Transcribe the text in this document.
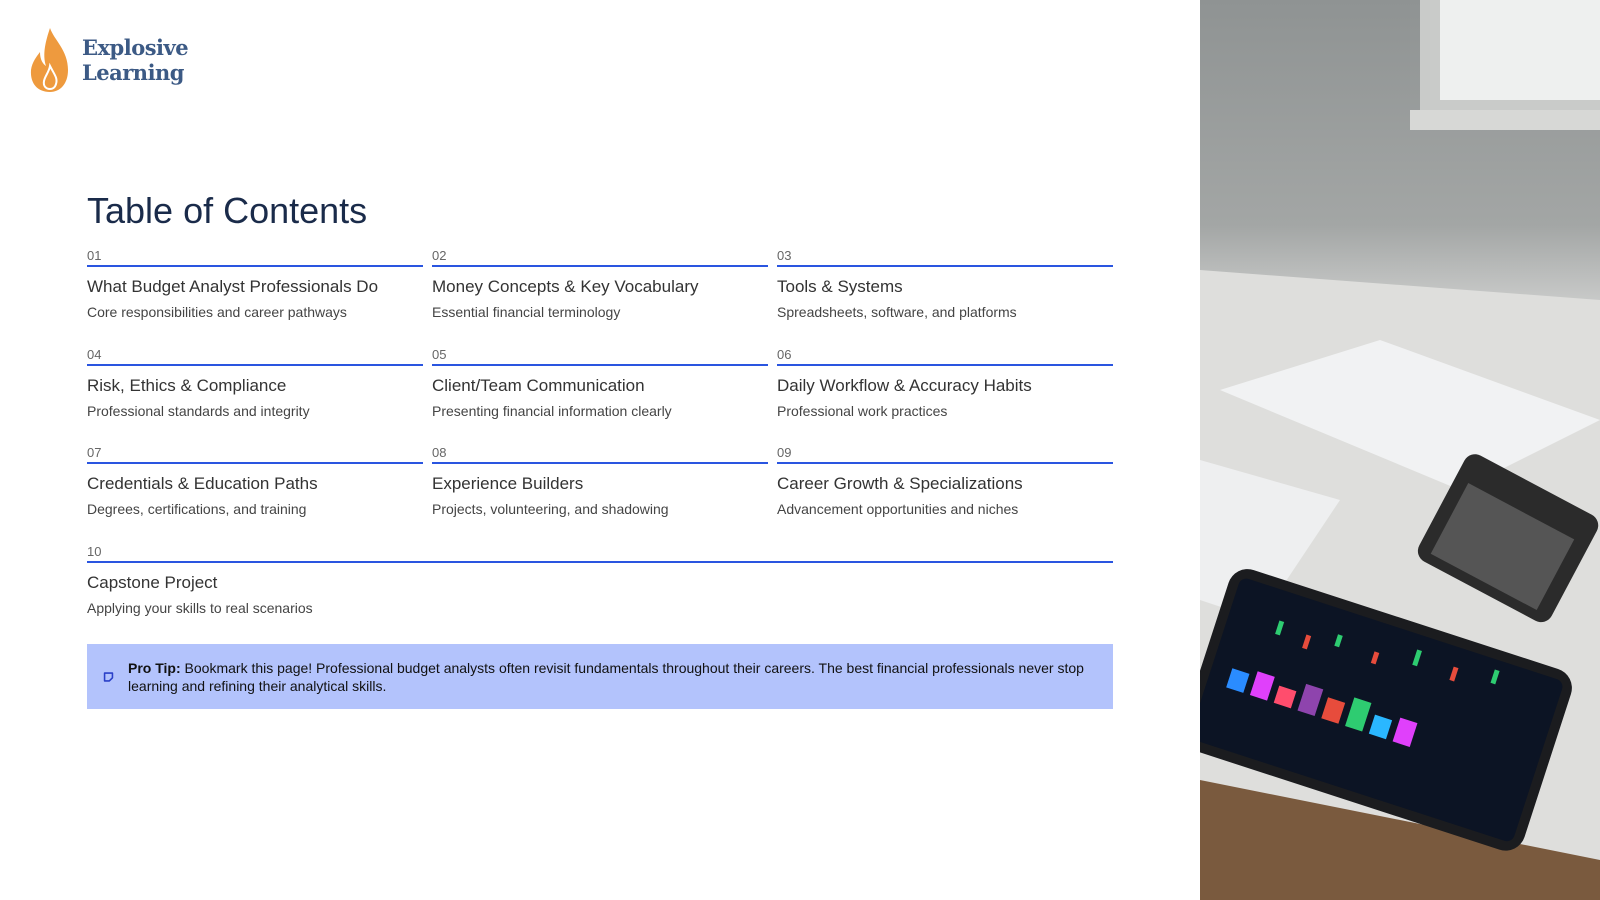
Explosive
Learning
Table of Contents
01
What Budget Analyst Professionals Do
Core responsibilities and career pathways
02
Money Concepts & Key Vocabulary
Essential financial terminology
03
Tools & Systems
Spreadsheets, software, and platforms
04
Risk, Ethics & Compliance
Professional standards and integrity
05
Client/Team Communication
Presenting financial information clearly
06
Daily Workflow & Accuracy Habits
Professional work practices
07
Credentials & Education Paths
Degrees, certifications, and training
08
Experience Builders
Projects, volunteering, and shadowing
09
Career Growth & Specializations
Advancement opportunities and niches
10
Capstone Project
Applying your skills to real scenarios

Pro Tip: Bookmark this page! Professional budget analysts often revisit fundamentals throughout their careers. The best financial professionals never stop learning and refining their analytical skills.
